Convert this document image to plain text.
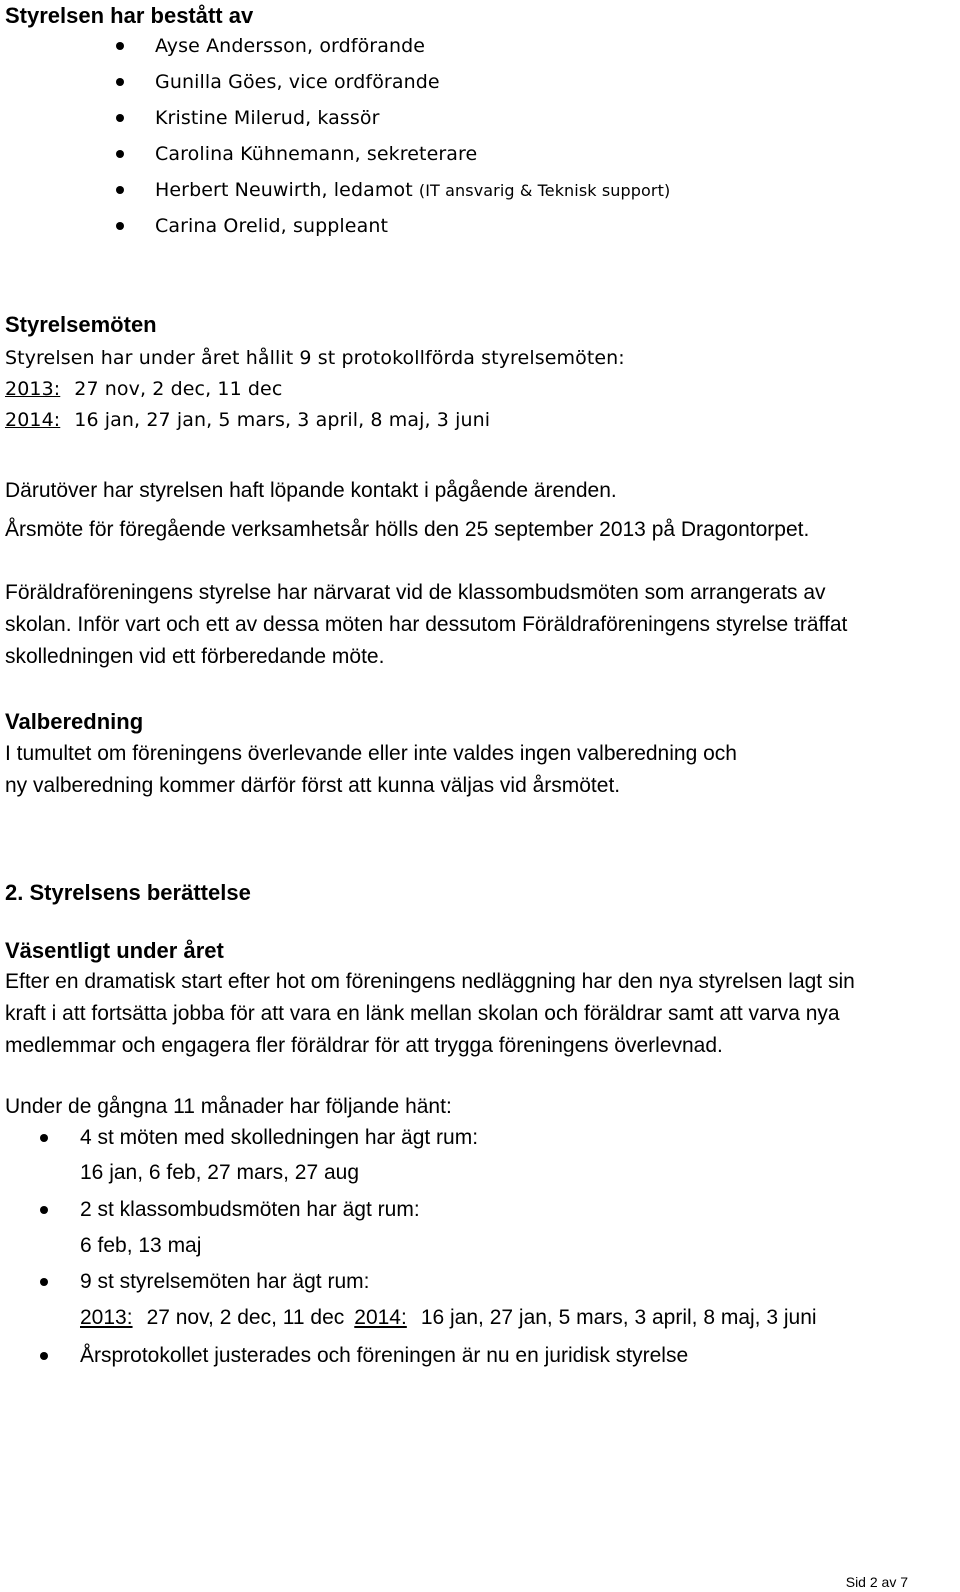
Styrelsen har bestått av
Ayse Andersson, ordförande
Gunilla Göes, vice ordförande
Kristine Milerud, kassör
Carolina Kühnemann, sekreterare
Herbert Neuwirth, ledamot (IT ansvarig & Teknisk support)
Carina Orelid, suppleant
Styrelsemöten
Styrelsen har under året hållit 9 st protokollförda styrelsemöten:
2013: 27 nov, 2 dec, 11 dec
2014: 16 jan, 27 jan, 5 mars, 3 april, 8 maj, 3 juni
Därutöver har styrelsen haft löpande kontakt i pågående ärenden.
Årsmöte för föregående verksamhetsår hölls den 25 september 2013 på Dragontorpet.
Föräldraföreningens styrelse har närvarat vid de klassombudsmöten som arrangerats av
skolan. Inför vart och ett av dessa möten har dessutom Föräldraföreningens styrelse träffat
skolledningen vid ett förberedande möte.
Valberedning
I tumultet om föreningens överlevande eller inte valdes ingen valberedning och
ny valberedning kommer därför först att kunna väljas vid årsmötet.
2. Styrelsens berättelse
Väsentligt under året
Efter en dramatisk start efter hot om föreningens nedläggning har den nya styrelsen lagt sin
kraft i att fortsätta jobba för att vara en länk mellan skolan och föräldrar samt att varva nya
medlemmar och engagera fler föräldrar för att trygga föreningens överlevnad.
Under de gångna 11 månader har följande hänt:
4 st möten med skolledningen har ägt rum:
16 jan, 6 feb, 27 mars, 27 aug
2 st klassombudsmöten har ägt rum:
6 feb, 13 maj
9 st styrelsemöten har ägt rum:
2013: 27 nov, 2 dec, 11 dec 2014: 16 jan, 27 jan, 5 mars, 3 april, 8 maj, 3 juni
Årsprotokollet justerades och föreningen är nu en juridisk styrelse
Sid 2 av 7
